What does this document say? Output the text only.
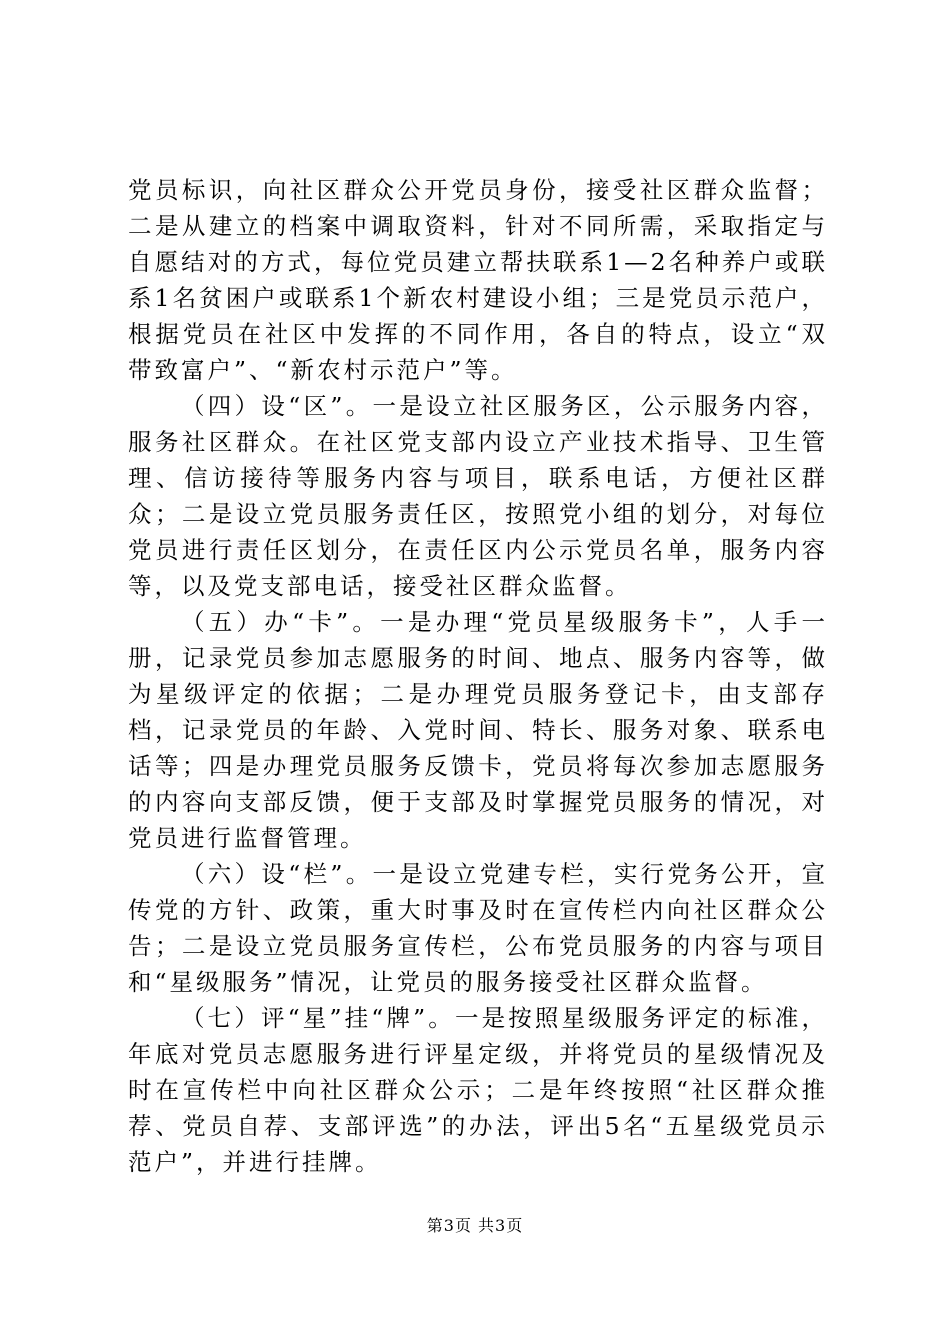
党员标识，向社区群众公开党员身份，接受社区群众监督；二是从建立的档案中调取资料，针对不同所需，采取指定与自愿结对的方式，每位党员建立帮扶联系1—2名种养户或联系1名贫困户或联系1个新农村建设小组；三是党员示范户，根据党员在社区中发挥的不同作用，各自的特点，设立“双带致富户”、“新农村示范户”等。

（四）设“区”。一是设立社区服务区，公示服务内容，服务社区群众。在社区党支部内设立产业技术指导、卫生管理、信访接待等服务内容与项目，联系电话，方便社区群众；二是设立党员服务责任区，按照党小组的划分，对每位党员进行责任区划分，在责任区内公示党员名单，服务内容等，以及党支部电话，接受社区群众监督。

（五）办“卡”。一是办理“党员星级服务卡”，人手一册，记录党员参加志愿服务的时间、地点、服务内容等，做为星级评定的依据；二是办理党员服务登记卡，由支部存档，记录党员的年龄、入党时间、特长、服务对象、联系电话等；四是办理党员服务反馈卡，党员将每次参加志愿服务的内容向支部反馈，便于支部及时掌握党员服务的情况，对党员进行监督管理。

（六）设“栏”。一是设立党建专栏，实行党务公开，宣传党的方针、政策，重大时事及时在宣传栏内向社区群众公告；二是设立党员服务宣传栏，公布党员服务的内容与项目和“星级服务”情况，让党员的服务接受社区群众监督。

（七）评“星”挂“牌”。一是按照星级服务评定的标准，年底对党员志愿服务进行评星定级，并将党员的星级情况及时在宣传栏中向社区群众公示；二是年终按照“社区群众推荐、党员自荐、支部评选”的办法，评出5名“五星级党员示范户”，并进行挂牌。

第3页 共3页
